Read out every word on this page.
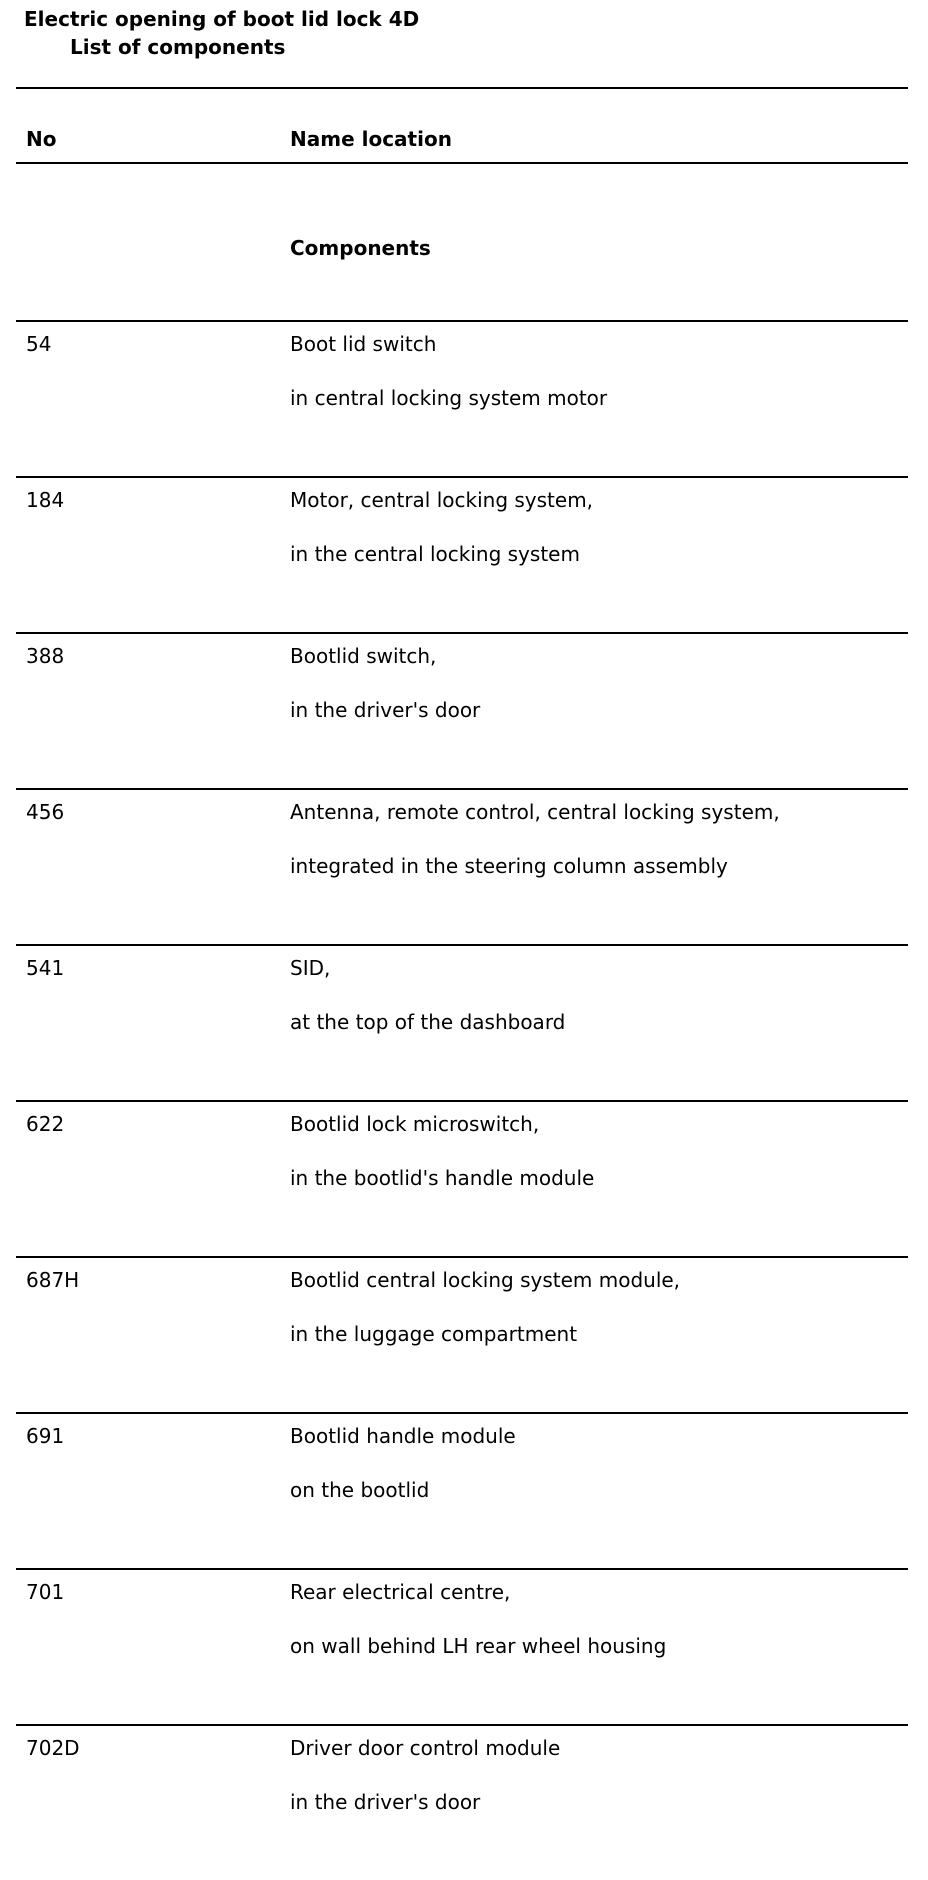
Electric opening of boot lid lock 4D
List of components
No	Name location
Components
54	Boot lid switch
in central locking system motor
184	Motor, central locking system,
in the central locking system
388	Bootlid switch,
in the driver's door
456	Antenna, remote control, central locking system,
integrated in the steering column assembly
541	SID,
at the top of the dashboard
622	Bootlid lock microswitch,
in the bootlid's handle module
687H	Bootlid central locking system module,
in the luggage compartment
691	Bootlid handle module
on the bootlid
701	Rear electrical centre,
on wall behind LH rear wheel housing
702D	Driver door control module
in the driver's door
